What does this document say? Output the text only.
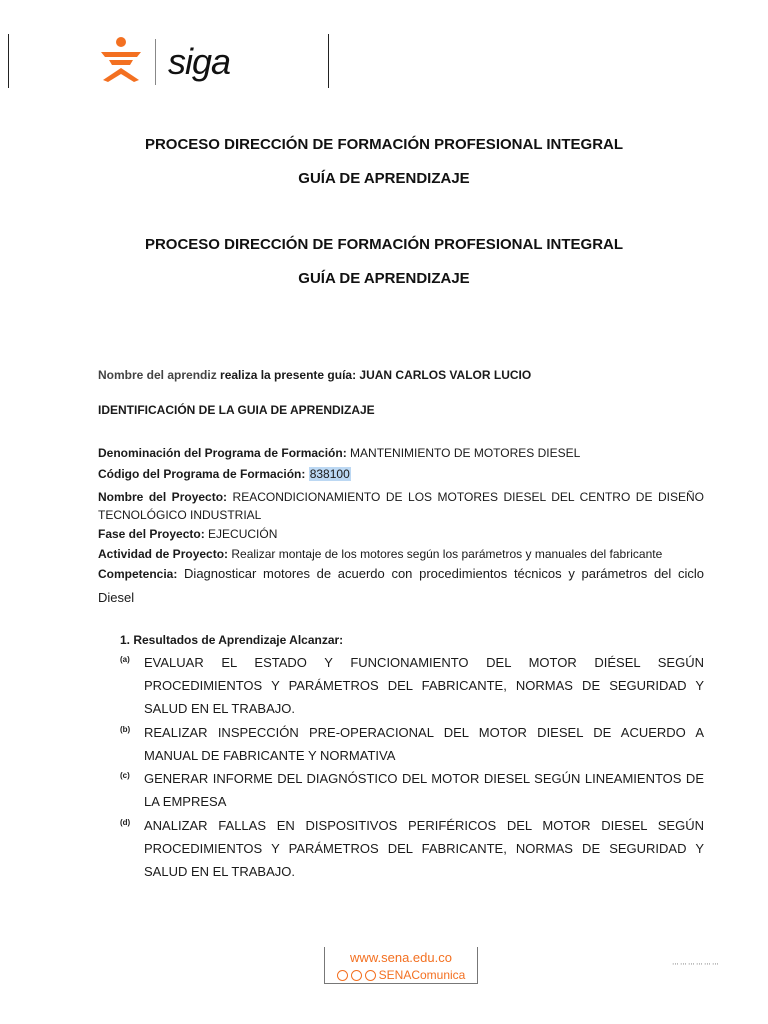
siga
PROCESO DIRECCIÓN DE FORMACIÓN PROFESIONAL INTEGRAL
GUÍA DE APRENDIZAJE
PROCESO DIRECCIÓN DE FORMACIÓN PROFESIONAL INTEGRAL
GUÍA DE APRENDIZAJE
Nombre del aprendiz realiza la presente guía: JUAN CARLOS VALOR LUCIO
IDENTIFICACIÓN DE LA GUIA DE APRENDIZAJE
Denominación del Programa de Formación: MANTENIMIENTO DE MOTORES DIESEL
Código del Programa de Formación: 838100
Nombre del Proyecto: REACONDICIONAMIENTO DE LOS MOTORES DIESEL DEL CENTRO DE DISEÑO TECNOLÓGICO INDUSTRIAL
Fase del Proyecto: EJECUCIÓN
Actividad de Proyecto: Realizar montaje de los motores según los parámetros y manuales del fabricante
Competencia: Diagnosticar motores de acuerdo con procedimientos técnicos y parámetros del ciclo Diesel
1. Resultados de Aprendizaje Alcanzar:
(a)	EVALUAR EL ESTADO Y FUNCIONAMIENTO DEL MOTOR DIÉSEL SEGÚN PROCEDIMIENTOS Y PARÁMETROS DEL FABRICANTE, NORMAS DE SEGURIDAD Y SALUD EN EL TRABAJO.
(b)	REALIZAR INSPECCIÓN PRE-OPERACIONAL DEL MOTOR DIESEL DE ACUERDO A MANUAL DE FABRICANTE Y NORMATIVA
(c)	GENERAR INFORME DEL DIAGNÓSTICO DEL MOTOR DIESEL SEGÚN LINEAMIENTOS DE LA EMPRESA
(d)	ANALIZAR FALLAS EN DISPOSITIVOS PERIFÉRICOS DEL MOTOR DIESEL SEGÚN PROCEDIMIENTOS Y PARÁMETROS DEL FABRICANTE, NORMAS DE SEGURIDAD Y SALUD EN EL TRABAJO.
www.sena.edu.co
SENAComunica
⋯⋯⋯⋯⋯⋯
